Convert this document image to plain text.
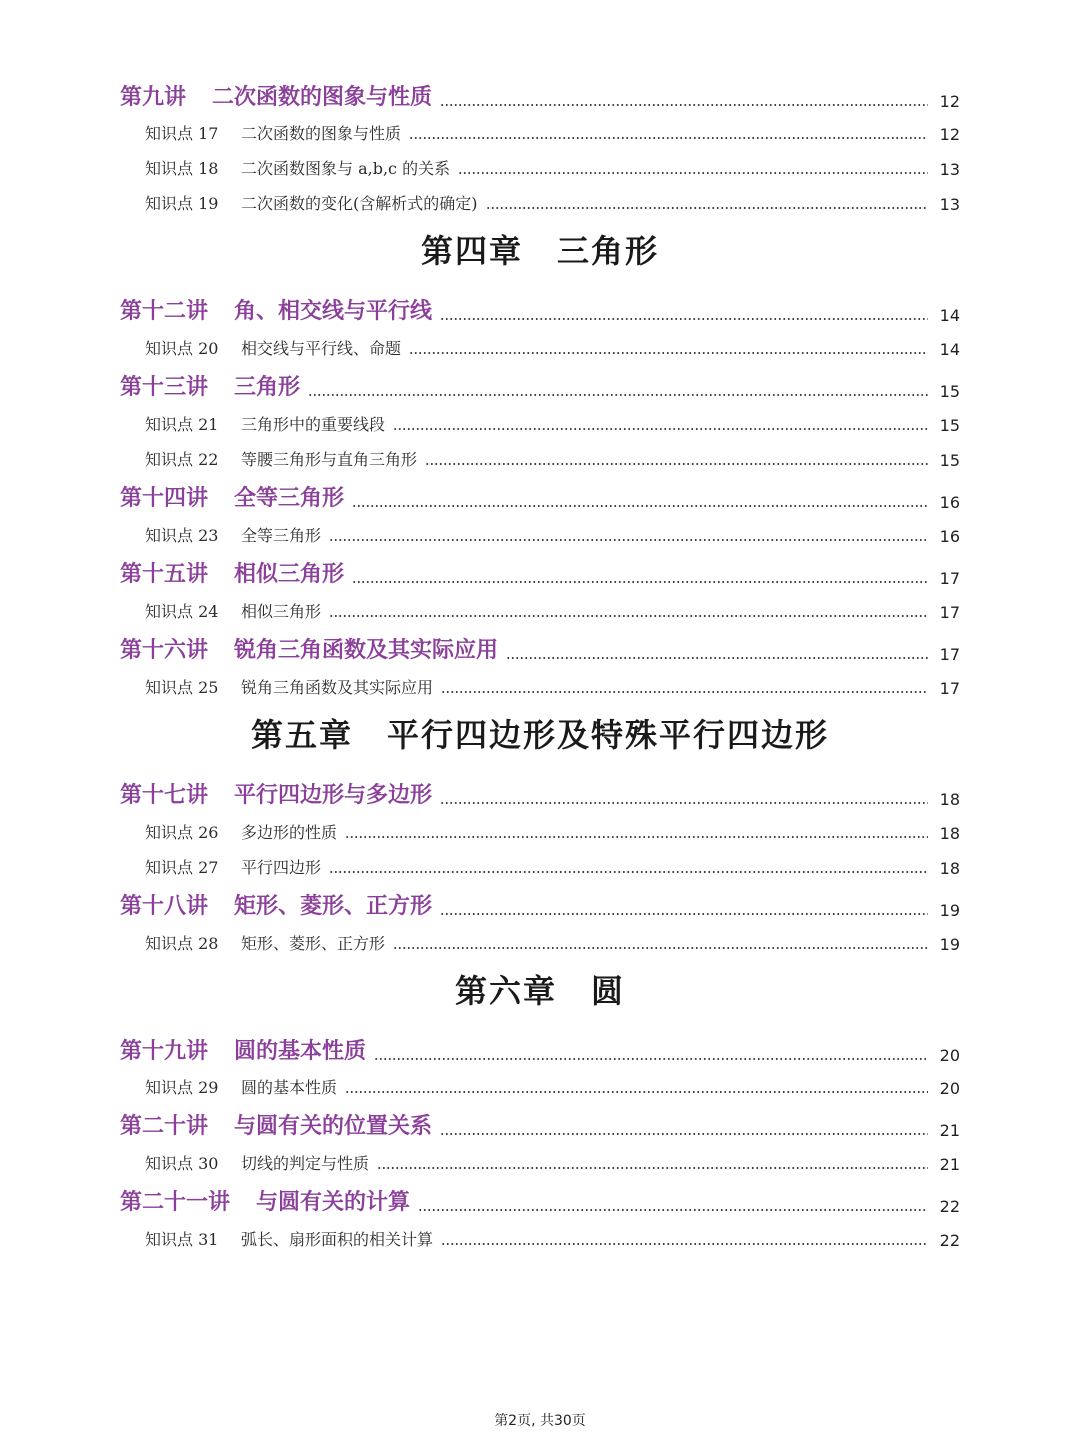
第九讲 二次函数的图象与性质	12
知识点 17	二次函数的图象与性质	12
知识点 18	二次函数图象与 a,b,c 的关系	13
知识点 19	二次函数的变化(含解析式的确定)	13
第四章　三角形
第十二讲 角、相交线与平行线	14
知识点 20	相交线与平行线、命题	14
第十三讲 三角形	15
知识点 21	三角形中的重要线段	15
知识点 22	等腰三角形与直角三角形	15
第十四讲 全等三角形	16
知识点 23	全等三角形	16
第十五讲 相似三角形	17
知识点 24	相似三角形	17
第十六讲 锐角三角函数及其实际应用	17
知识点 25	锐角三角函数及其实际应用	17
第五章　平行四边形及特殊平行四边形
第十七讲 平行四边形与多边形	18
知识点 26	多边形的性质	18
知识点 27	平行四边形	18
第十八讲 矩形、菱形、正方形	19
知识点 28	矩形、菱形、正方形	19
第六章　圆
第十九讲 圆的基本性质	20
知识点 29	圆的基本性质	20
第二十讲 与圆有关的位置关系	21
知识点 30	切线的判定与性质	21
第二十一讲 与圆有关的计算	22
知识点 31	弧长、扇形面积的相关计算	22
第2页, 共30页
